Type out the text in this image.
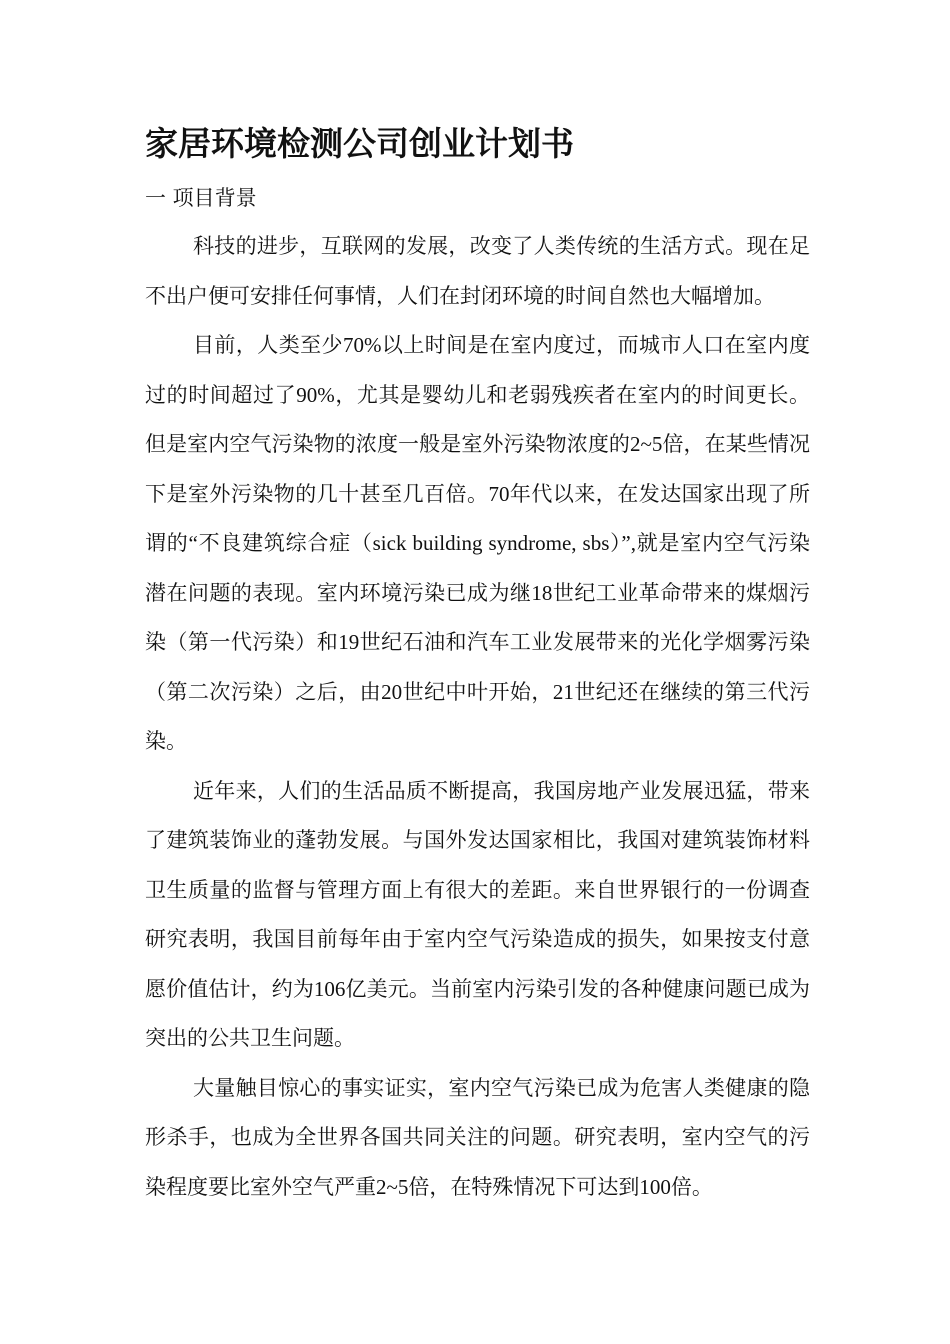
家居环境检测公司创业计划书
一 项目背景

科技的进步，互联网的发展，改变了人类传统的生活方式。现在足不出户便可安排任何事情，人们在封闭环境的时间自然也大幅增加。

目前，人类至少70%以上时间是在室内度过，而城市人口在室内度过的时间超过了90%，尤其是婴幼儿和老弱残疾者在室内的时间更长。但是室内空气污染物的浓度一般是室外污染物浓度的2~5倍，在某些情况下是室外污染物的几十甚至几百倍。70年代以来，在发达国家出现了所谓的“不良建筑综合症（sick building syndrome, sbs）”,就是室内空气污染潜在问题的表现。室内环境污染已成为继18世纪工业革命带来的煤烟污染（第一代污染）和19世纪石油和汽车工业发展带来的光化学烟雾污染（第二次污染）之后，由20世纪中叶开始，21世纪还在继续的第三代污染。

近年来，人们的生活品质不断提高，我国房地产业发展迅猛，带来了建筑装饰业的蓬勃发展。与国外发达国家相比，我国对建筑装饰材料卫生质量的监督与管理方面上有很大的差距。来自世界银行的一份调查研究表明，我国目前每年由于室内空气污染造成的损失，如果按支付意愿价值估计，约为106亿美元。当前室内污染引发的各种健康问题已成为突出的公共卫生问题。

大量触目惊心的事实证实，室内空气污染已成为危害人类健康的隐形杀手，也成为全世界各国共同关注的问题。研究表明，室内空气的污染程度要比室外空气严重2~5倍，在特殊情况下可达到100倍。
